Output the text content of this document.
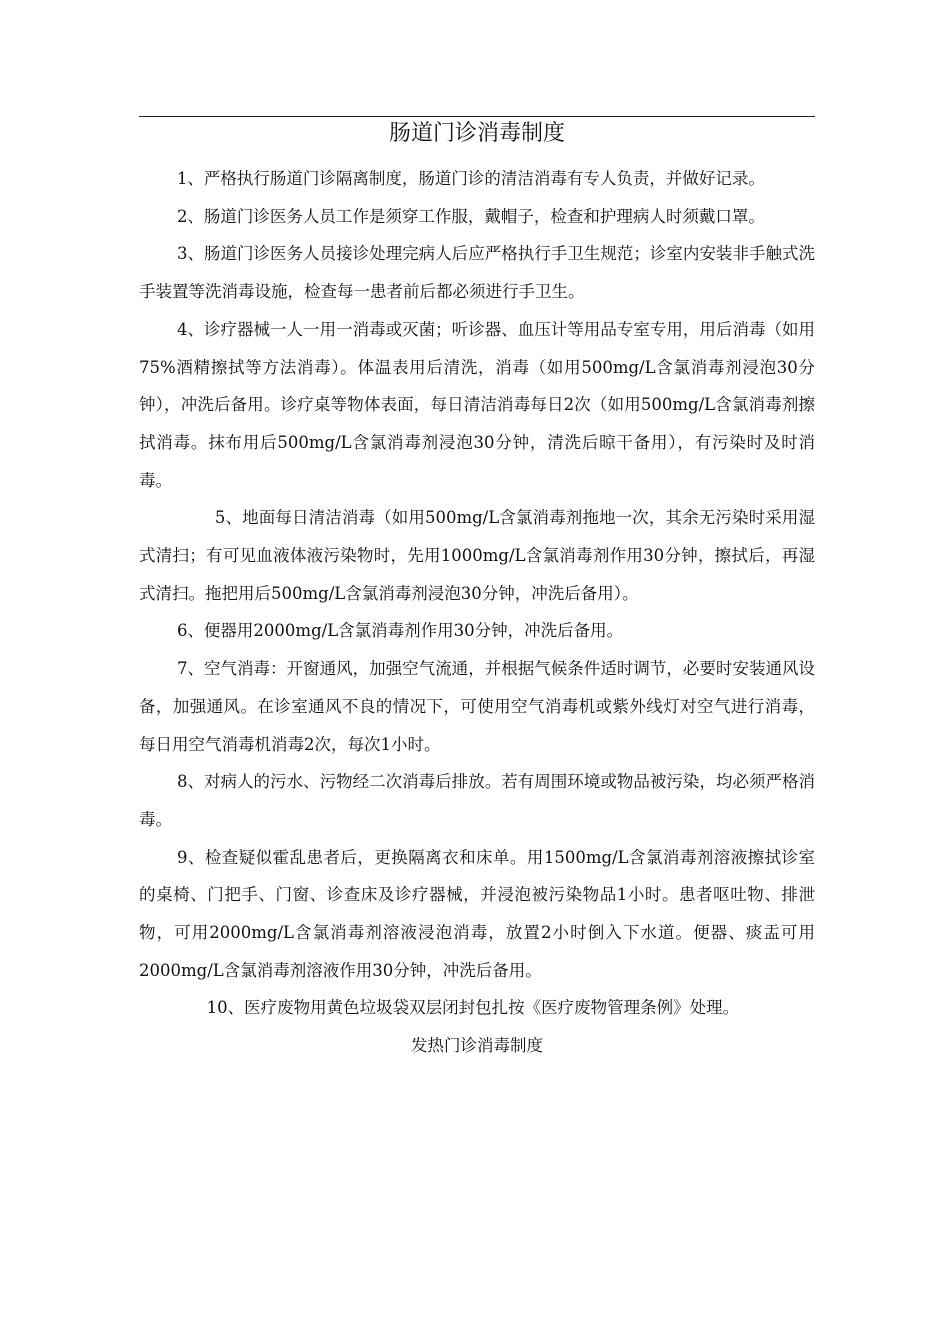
肠道门诊消毒制度

1、严格执行肠道门诊隔离制度，肠道门诊的清洁消毒有专人负责，并做好记录。

2、肠道门诊医务人员工作是须穿工作服，戴帽子，检查和护理病人时须戴口罩。

3、肠道门诊医务人员接诊处理完病人后应严格执行手卫生规范；诊室内安装非手触式洗手装置等洗消毒设施，检查每一患者前后都必须进行手卫生。

4、诊疗器械一人一用一消毒或灭菌；听诊器、血压计等用品专室专用，用后消毒（如用75%酒精擦拭等方法消毒）。体温表用后清洗，消毒（如用500mg/L含氯消毒剂浸泡30分钟），冲洗后备用。诊疗桌等物体表面，每日清洁消毒每日2次（如用500mg/L含氯消毒剂擦拭消毒。抹布用后500mg/L含氯消毒剂浸泡30分钟，清洗后晾干备用），有污染时及时消毒。

5、地面每日清洁消毒（如用500mg/L含氯消毒剂拖地一次，其余无污染时采用湿式清扫；有可见血液体液污染物时，先用1000mg/L含氯消毒剂作用30分钟，擦拭后，再湿式清扫。拖把用后500mg/L含氯消毒剂浸泡30分钟，冲洗后备用）。

6、便器用2000mg/L含氯消毒剂作用30分钟，冲洗后备用。

7、空气消毒：开窗通风，加强空气流通，并根据气候条件适时调节，必要时安装通风设备，加强通风。在诊室通风不良的情况下，可使用空气消毒机或紫外线灯对空气进行消毒，每日用空气消毒机消毒2次，每次1小时。

8、对病人的污水、污物经二次消毒后排放。若有周围环境或物品被污染，均必须严格消毒。

9、检查疑似霍乱患者后，更换隔离衣和床单。用1500mg/L含氯消毒剂溶液擦拭诊室的桌椅、门把手、门窗、诊查床及诊疗器械，并浸泡被污染物品1小时。患者呕吐物、排泄物，可用2000mg/L含氯消毒剂溶液浸泡消毒，放置2小时倒入下水道。便器、痰盂可用2000mg/L含氯消毒剂溶液作用30分钟，冲洗后备用。

10、医疗废物用黄色垃圾袋双层闭封包扎按《医疗废物管理条例》处理。

发热门诊消毒制度
